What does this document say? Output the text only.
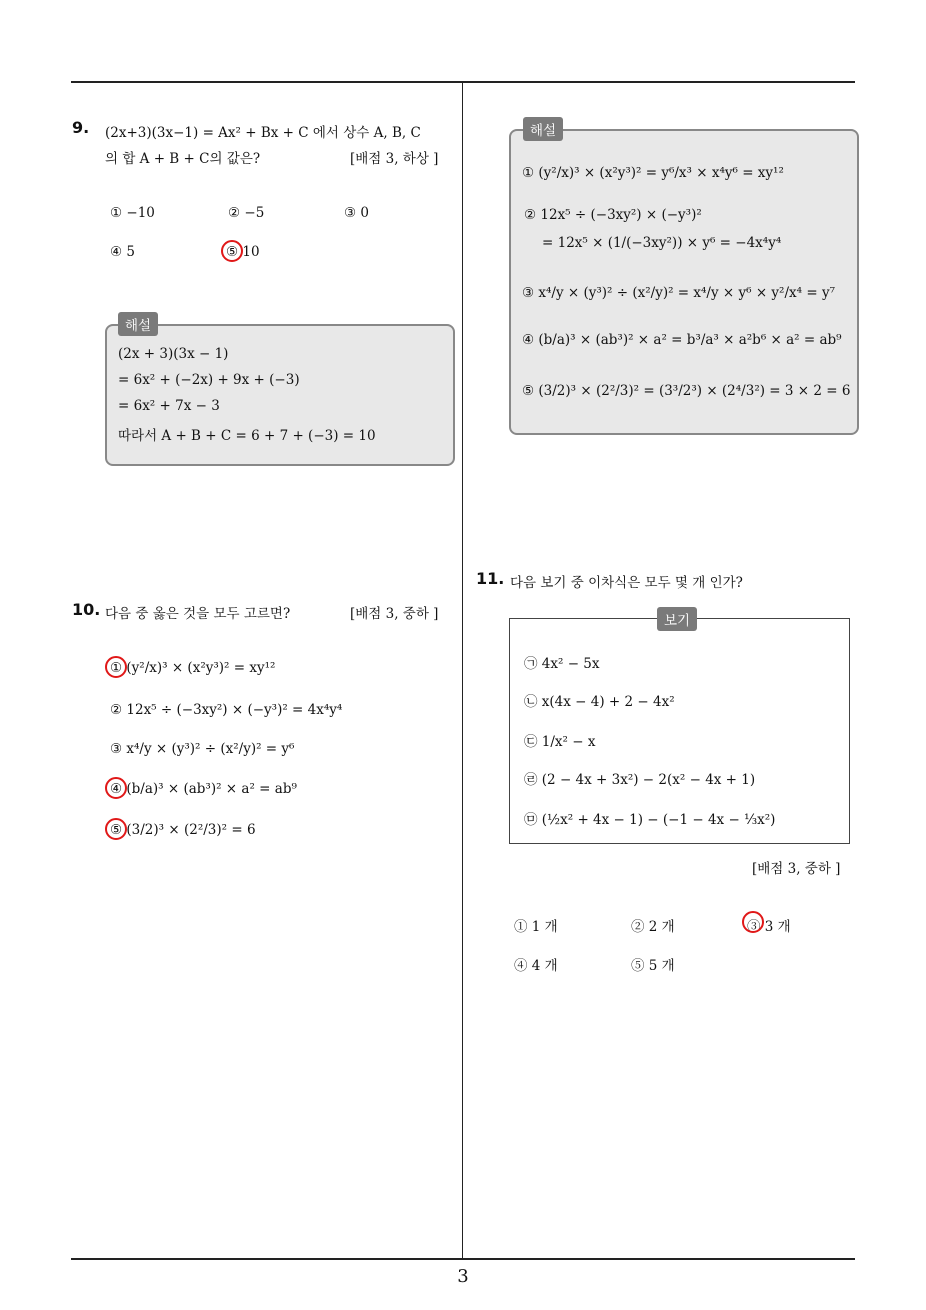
9. (2x+3)(3x−1) = Ax² + Bx + C 에서 상수 A, B, C
의 합 A + B + C의 값은?	[배점 3, 하상 ]
① −10	② −5	③ 0
④ 5	⑤ 10
해설
(2x + 3)(3x − 1)
= 6x² + (−2x) + 9x + (−3)
= 6x² + 7x − 3
따라서 A + B + C = 6 + 7 + (−3) = 10
10. 다음 중 옳은 것을 모두 고르면?	[배점 3, 중하 ]
① (y²/x)³ × (x²y³)² = xy¹²
② 12x⁵ ÷ (−3xy²) × (−y³)² = 4x⁴y⁴
③ x⁴/y × (y³)² ÷ (x²/y)² = y⁶
④ (b/a)³ × (ab³)² × a² = ab⁹
⑤ (3/2)³ × (2²/3)² = 6
해설
① (y²/x)³ × (x²y³)² = y⁶/x³ × x⁴y⁶ = xy¹²
② 12x⁵ ÷ (−3xy²) × (−y³)²
= 12x⁵ × (1/(−3xy²)) × y⁶ = −4x⁴y⁴
③ x⁴/y × (y³)² ÷ (x²/y)² = x⁴/y × y⁶ × y²/x⁴ = y⁷
④ (b/a)³ × (ab³)² × a² = b³/a³ × a²b⁶ × a² = ab⁹
⑤ (3/2)³ × (2²/3)² = (3³/2³) × (2⁴/3²) = 3 × 2 = 6
11. 다음 보기 중 이차식은 모두 몇 개 인가?
보기
㉠ 4x² − 5x
㉡ x(4x − 4) + 2 − 4x²
㉢ 1/x² − x
㉣ (2 − 4x + 3x²) − 2(x² − 4x + 1)
㉤ (½x² + 4x − 1) − (−1 − 4x − ⅓x²)
[배점 3, 중하 ]
① 1 개	② 2 개	③ 3 개
④ 4 개	⑤ 5 개
3
